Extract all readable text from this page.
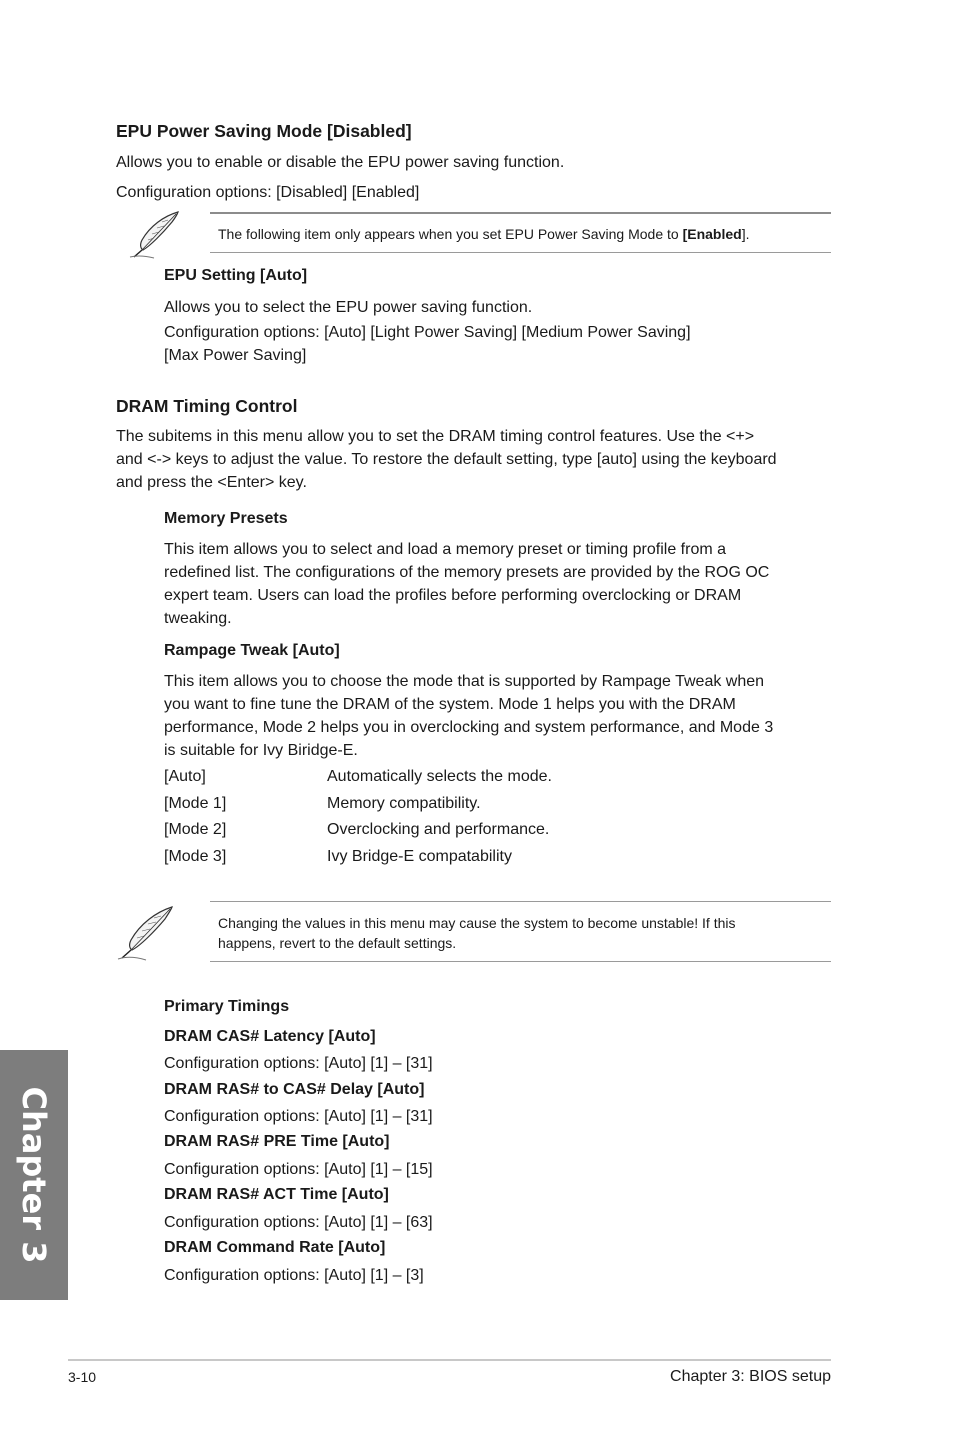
EPU Power Saving Mode [Disabled]
Allows you to enable or disable the EPU power saving function.
Configuration options: [Disabled] [Enabled]
The following item only appears when you set EPU Power Saving Mode to [Enabled].
EPU Setting [Auto]
Allows you to select the EPU power saving function.
Configuration options: [Auto] [Light Power Saving] [Medium Power Saving]
[Max Power Saving]
DRAM Timing Control
The subitems in this menu allow you to set the DRAM timing control features. Use the <+>
and <-> keys to adjust the value. To restore the default setting, type [auto] using the keyboard
and press the <Enter> key.
Memory Presets
This item allows you to select and load a memory preset or timing profile from a
redefined list. The configurations of the memory presets are provided by the ROG OC
expert team. Users can load the profiles before performing overclocking or DRAM
tweaking.
Rampage Tweak [Auto]
This item allows you to choose the mode that is supported by Rampage Tweak when
you want to fine tune the DRAM of the system. Mode 1 helps you with the DRAM
performance, Mode 2 helps you in overclocking and system performance, and Mode 3
is suitable for Ivy Biridge-E.
[Auto]	Automatically selects the mode.
[Mode 1]	Memory compatibility.
[Mode 2]	Overclocking and performance.
[Mode 3]	Ivy Bridge-E compatability
Changing the values in this menu may cause the system to become unstable! If this
happens, revert to the default settings.
Primary Timings
DRAM CAS# Latency [Auto]
Configuration options: [Auto] [1] – [31]
DRAM RAS# to CAS# Delay [Auto]
Configuration options: [Auto] [1] – [31]
DRAM RAS# PRE Time [Auto]
Configuration options: [Auto] [1] – [15]
DRAM RAS# ACT Time [Auto]
Configuration options: [Auto] [1] – [63]
DRAM Command Rate [Auto]
Configuration options: [Auto] [1] – [3]
Chapter 3
3-10	Chapter 3: BIOS setup
